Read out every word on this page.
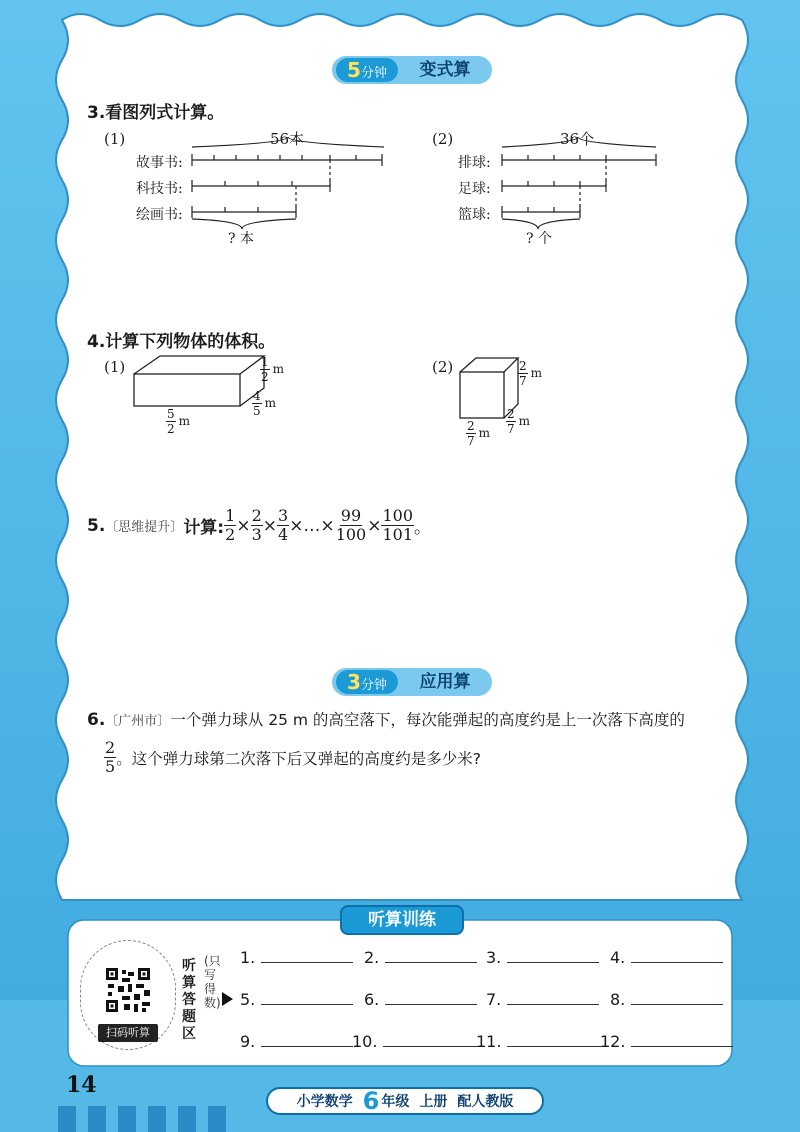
5分钟	变式算
3.看图列式计算。
(1)	56本
故事书:
科技书:
绘画书:
? 本
(2)	36个
排球:
足球:
篮球:
? 个
4.计算下列物体的体积。
(1)	$\frac{1}{2}$ m
$\frac{4}{5}$ m
$\frac{5}{2}$ m
(2)	$\frac{2}{7}$ m
$\frac{2}{7}$ m
$\frac{2}{7}$ m
5. 〔思维提升〕 计算: $\frac{1}{2} \times \frac{2}{3} \times \frac{3}{4}$ ×…× $\frac{99}{100} \times \frac{100}{101}$ 。
3分钟	应用算
6.〔广州市〕一个弹力球从 25 m 的高空落下，每次能弹起的高度约是上一次落下高度的
$\frac{2}{5}$ 。这个弹力球第二次落下后又弹起的高度约是多少米?
听算训练
扫码听算
听算答题区
(只写得数)
1.	2.	3.	4.
5.	6.	7.	8.
9.	10.	11.	12.
14
小学数学 6 年级 上册 配人教版
